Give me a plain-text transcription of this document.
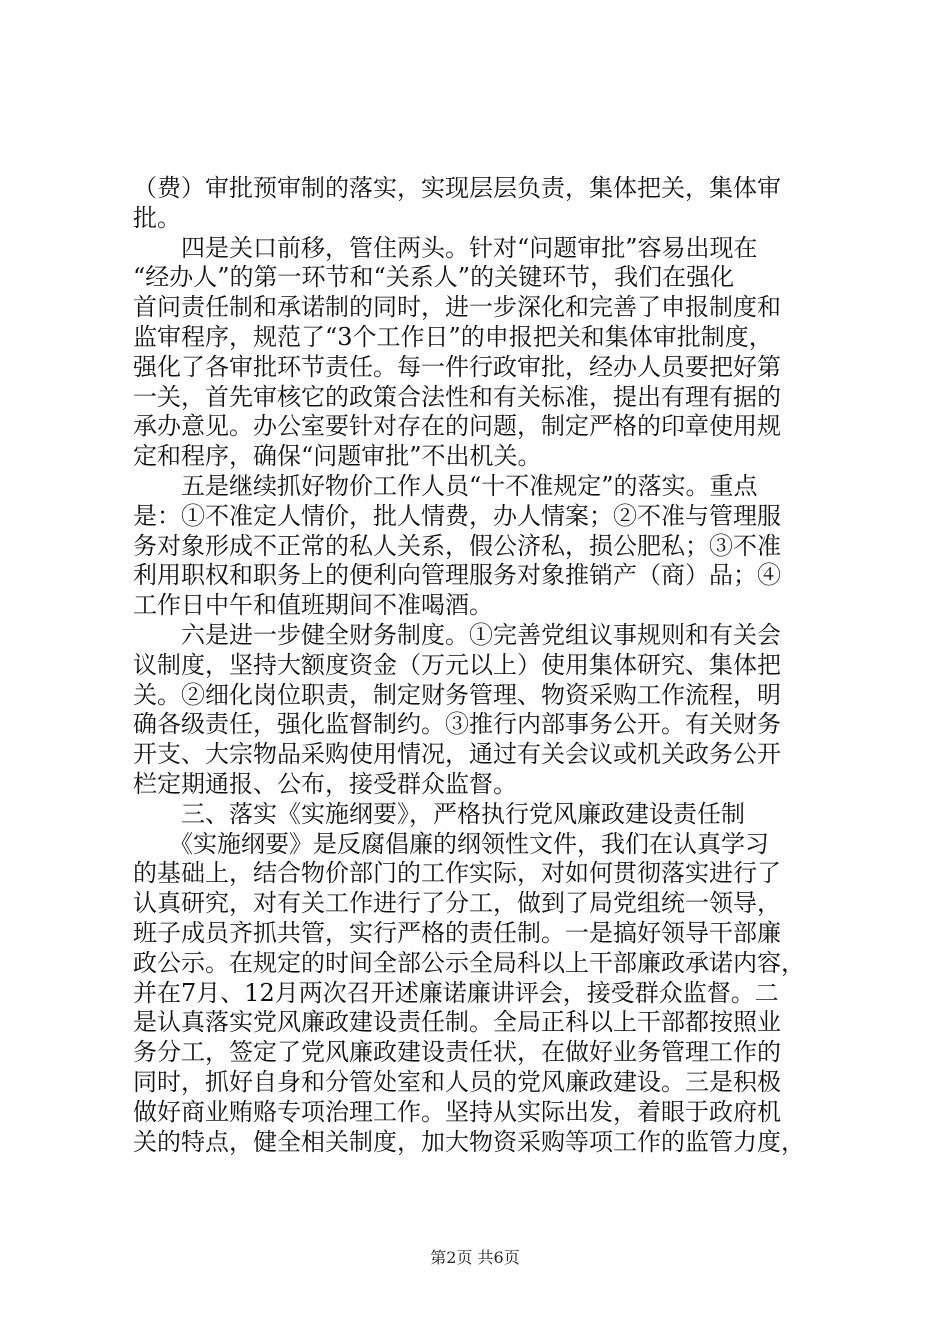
（费）审批预审制的落实，实现层层负责，集体把关，集体审
批。
　　四是关口前移，管住两头。针对“问题审批”容易出现在
“经办人”的第一环节和“关系人”的关键环节，我们在强化
首问责任制和承诺制的同时，进一步深化和完善了申报制度和
监审程序，规范了“3个工作日”的申报把关和集体审批制度，
强化了各审批环节责任。每一件行政审批，经办人员要把好第
一关，首先审核它的政策合法性和有关标准，提出有理有据的
承办意见。办公室要针对存在的问题，制定严格的印章使用规
定和程序，确保“问题审批”不出机关。
　　五是继续抓好物价工作人员“十不准规定”的落实。重点
是：①不准定人情价，批人情费，办人情案；②不准与管理服
务对象形成不正常的私人关系，假公济私，损公肥私；③不准
利用职权和职务上的便利向管理服务对象推销产（商）品；④
工作日中午和值班期间不准喝酒。
　　六是进一步健全财务制度。①完善党组议事规则和有关会
议制度，坚持大额度资金（万元以上）使用集体研究、集体把
关。②细化岗位职责，制定财务管理、物资采购工作流程，明
确各级责任，强化监督制约。③推行内部事务公开。有关财务
开支、大宗物品采购使用情况，通过有关会议或机关政务公开
栏定期通报、公布，接受群众监督。
　　三、落实《实施纲要》，严格执行党风廉政建设责任制
　　《实施纲要》是反腐倡廉的纲领性文件，我们在认真学习
的基础上，结合物价部门的工作实际，对如何贯彻落实进行了
认真研究，对有关工作进行了分工，做到了局党组统一领导，
班子成员齐抓共管，实行严格的责任制。一是搞好领导干部廉
政公示。在规定的时间全部公示全局科以上干部廉政承诺内容，
并在7月、12月两次召开述廉诺廉讲评会，接受群众监督。二
是认真落实党风廉政建设责任制。全局正科以上干部都按照业
务分工，签定了党风廉政建设责任状，在做好业务管理工作的
同时，抓好自身和分管处室和人员的党风廉政建设。三是积极
做好商业贿赂专项治理工作。坚持从实际出发，着眼于政府机
关的特点，健全相关制度，加大物资采购等项工作的监管力度，
第2页 共6页
